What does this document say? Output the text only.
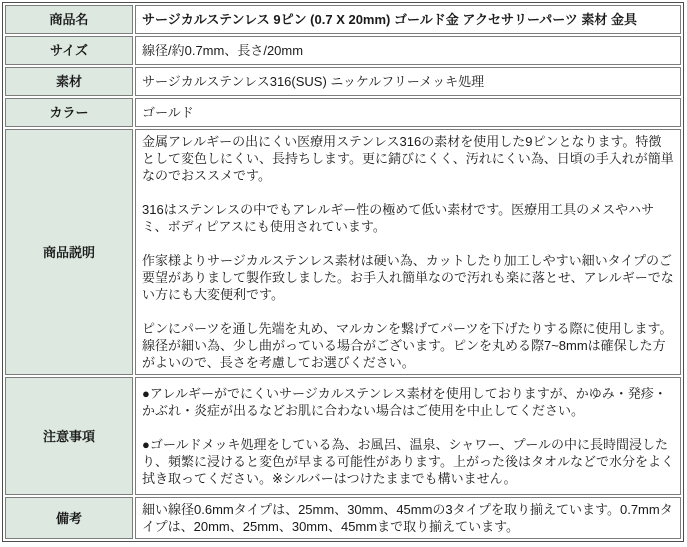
商品名	サージカルステンレス 9ピン (0.7 X 20mm) ゴールド金 アクセサリーパーツ 素材 金具
サイズ	線径/約0.7mm、長さ/20mm
素材	サージカルステンレス316(SUS) ニッケルフリーメッキ処理
カラー	ゴールド
商品説明	金属アレルギーの出にくい医療用ステンレス316の素材を使用した9ピンとなります。特徴として変色しにくい、長持ちします。更に錆びにくく、汚れにくい為、日頃の手入れが簡単なのでおススメです。

316はステンレスの中でもアレルギー性の極めて低い素材です。医療用工具のメスやハサミ、ボディピアスにも使用されています。

作家様よりサージカルステンレス素材は硬い為、カットしたり加工しやすい細いタイプのご要望がありまして製作致しました。お手入れ簡単なので汚れも楽に落とせ、アレルギーでない方にも大変便利です。

ピンにパーツを通し先端を丸め、マルカンを繋げてパーツを下げたりする際に使用します。線径が細い為、少し曲がっている場合がございます。ピンを丸める際7~8mmは確保した方がよいので、長さを考慮してお選びください。

注意事項	●アレルギーがでにくいサージカルステンレス素材を使用しておりますが、かゆみ・発疹・かぶれ・炎症が出るなどお肌に合わない場合はご使用を中止してください。

●ゴールドメッキ処理をしている為、お風呂、温泉、シャワー、プールの中に長時間浸したり、頻繁に浸けると変色が早まる可能性があります。上がった後はタオルなどで水分をよく拭き取ってください。※シルバーはつけたままでも構いません。

備考	細い線径0.6mmタイプは、25mm、30mm、45mmの3タイプを取り揃えています。0.7mmタイプは、20mm、25mm、30mm、45mmまで取り揃えています。
